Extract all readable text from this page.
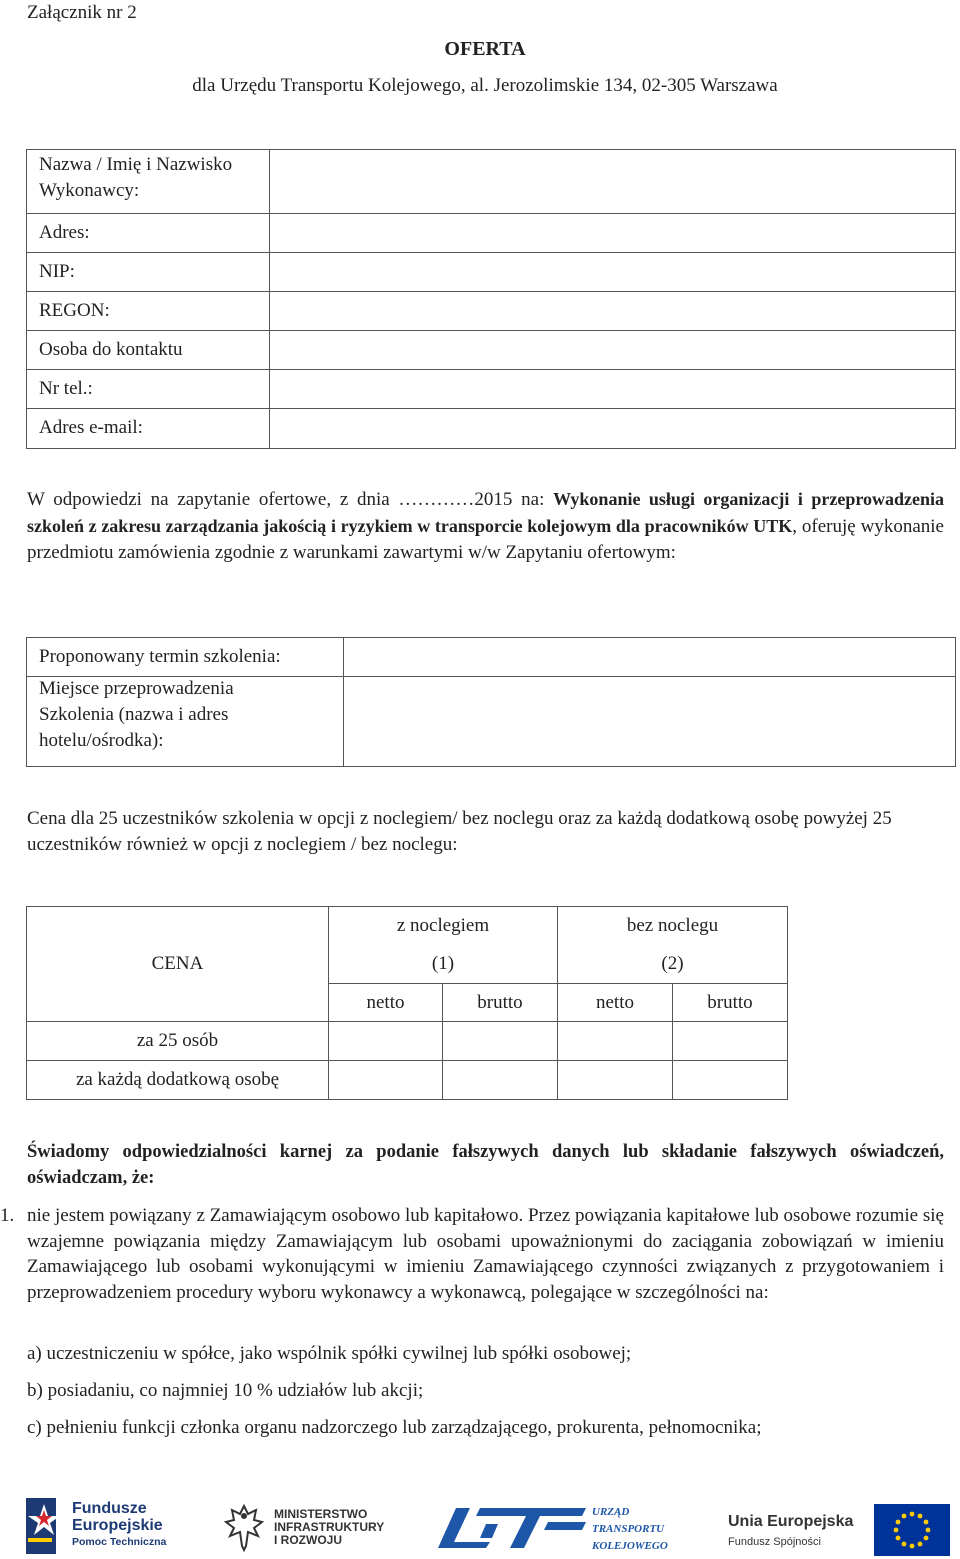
Załącznik nr 2
OFERTA
dla Urzędu Transportu Kolejowego, al. Jerozolimskie 134, 02-305 Warszawa
Nazwa / Imię i Nazwisko Wykonawcy:	

Adres:	

NIP:	

REGON:	

Osoba do kontaktu	

Nr tel.:	

Adres e-mail:	

W odpowiedzi na zapytanie ofertowe, z dnia …………2015 na: Wykonanie usługi organizacji i przeprowadzenia szkoleń z zakresu zarządzania jakością i ryzykiem w transporcie kolejowym dla pracowników UTK, oferuję wykonanie przedmiotu zamówienia zgodnie z warunkami zawartymi w/w Zapytaniu ofertowym:
Proponowany termin szkolenia:	

Miejsce przeprowadzenia Szkolenia (nazwa i adres hotelu/ośrodka):	

Cena dla 25 uczestników szkolenia w opcji z noclegiem/ bez noclegu oraz za każdą dodatkową osobę powyżej 25 uczestników również w opcji z noclegiem / bez noclegu:
CENA	z noclegiem		bez noclegu	

	(1)		(2)	

	netto	brutto	netto	brutto

za 25 osób				

za każdą dodatkową osobę				

Świadomy odpowiedzialności karnej za podanie fałszywych danych lub składanie fałszywych oświadczeń, oświadczam, że:
1. nie jestem powiązany z Zamawiającym osobowo lub kapitałowo. Przez powiązania kapitałowe lub osobowe rozumie się wzajemne powiązania między Zamawiającym lub osobami upoważnionymi do zaciągania zobowiązań w imieniu Zamawiającego lub osobami wykonującymi w imieniu Zamawiającego czynności związanych z przygotowaniem i przeprowadzeniem procedury wyboru wykonawcy a wykonawcą, polegające w szczególności na:
a) uczestniczeniu w spółce, jako wspólnik spółki cywilnej lub spółki osobowej;
b) posiadaniu, co najmniej 10 % udziałów lub akcji;
c) pełnieniu funkcji członka organu nadzorczego lub zarządzającego, prokurenta, pełnomocnika;
Fundusze
Europejskie
Pomoc Techniczna
MINISTERSTWO
INFRASTRUKTURY
I ROZWOJU
URZĄD
TRANSPORTU
KOLEJOWEGO
Unia Europejska
Fundusz Spójności
